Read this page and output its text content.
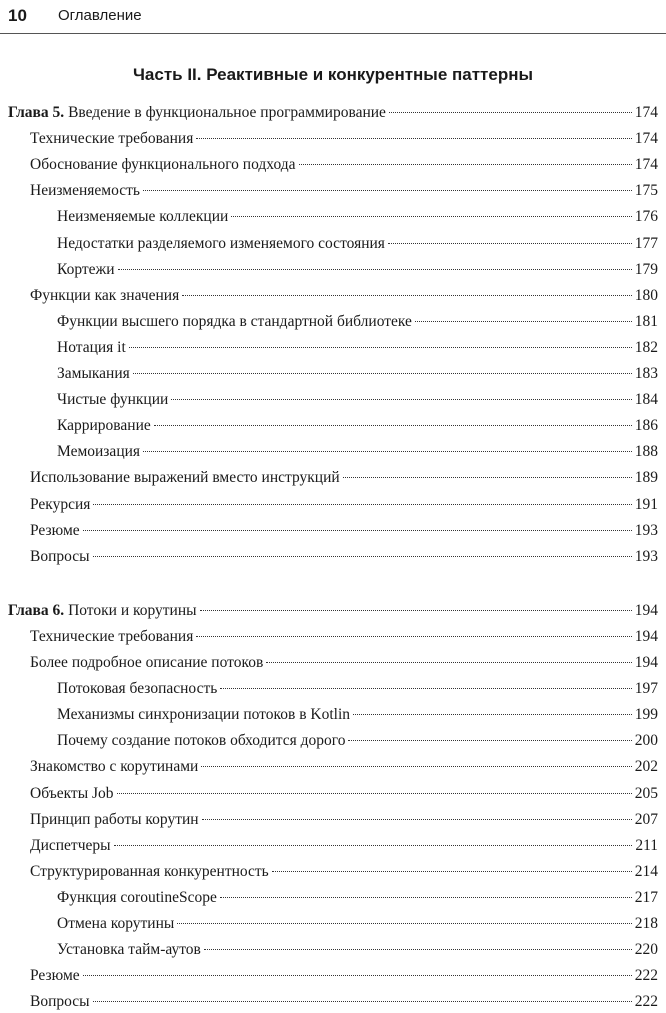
10 Оглавление
Часть II. Реактивные и конкурентные паттерны
Глава 5. Введение в функциональное программирование	174
Технические требования	174
Обоснование функционального подхода	174
Неизменяемость	175
Неизменяемые коллекции	176
Недостатки разделяемого изменяемого состояния	177
Кортежи	179
Функции как значения	180
Функции высшего порядка в стандартной библиотеке	181
Нотация it	182
Замыкания	183
Чистые функции	184
Каррирование	186
Мемоизация	188
Использование выражений вместо инструкций	189
Рекурсия	191
Резюме	193
Вопросы	193
Глава 6. Потоки и корутины	194
Технические требования	194
Более подробное описание потоков	194
Потоковая безопасность	197
Механизмы синхронизации потоков в Kotlin	199
Почему создание потоков обходится дорого	200
Знакомство с корутинами	202
Объекты Job	205
Принцип работы корутин	207
Диспетчеры	211
Структурированная конкурентность	214
Функция coroutineScope	217
Отмена корутины	218
Установка тайм-аутов	220
Резюме	222
Вопросы	222
